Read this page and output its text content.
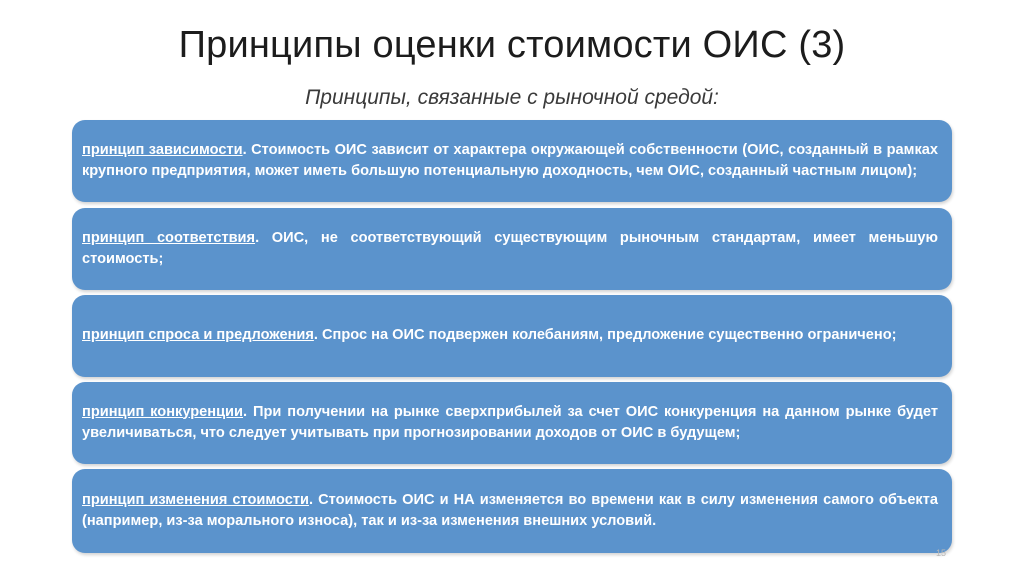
Принципы оценки стоимости ОИС (3)
Принципы, связанные с рыночной средой:

принцип зависимости. Стоимость ОИС зависит от характера окружающей собственности (ОИС, созданный в рамках крупного предприятия, может иметь большую потенциальную доходность, чем ОИС, созданный частным лицом);

принцип соответствия. ОИС, не соответствующий существующим рыночным стандартам, имеет меньшую стоимость;

принцип спроса и предложения. Спрос на ОИС подвержен колебаниям, предложение существенно ограничено;

принцип конкуренции. При получении на рынке сверхприбылей за счет ОИС конкуренция на данном рынке будет увеличиваться, что следует учитывать при прогнозировании доходов от ОИС в будущем;

принцип изменения стоимости. Стоимость ОИС и НА изменяется во времени как в силу изменения самого объекта (например, из-за морального износа), так и из-за изменения внешних условий.

15
